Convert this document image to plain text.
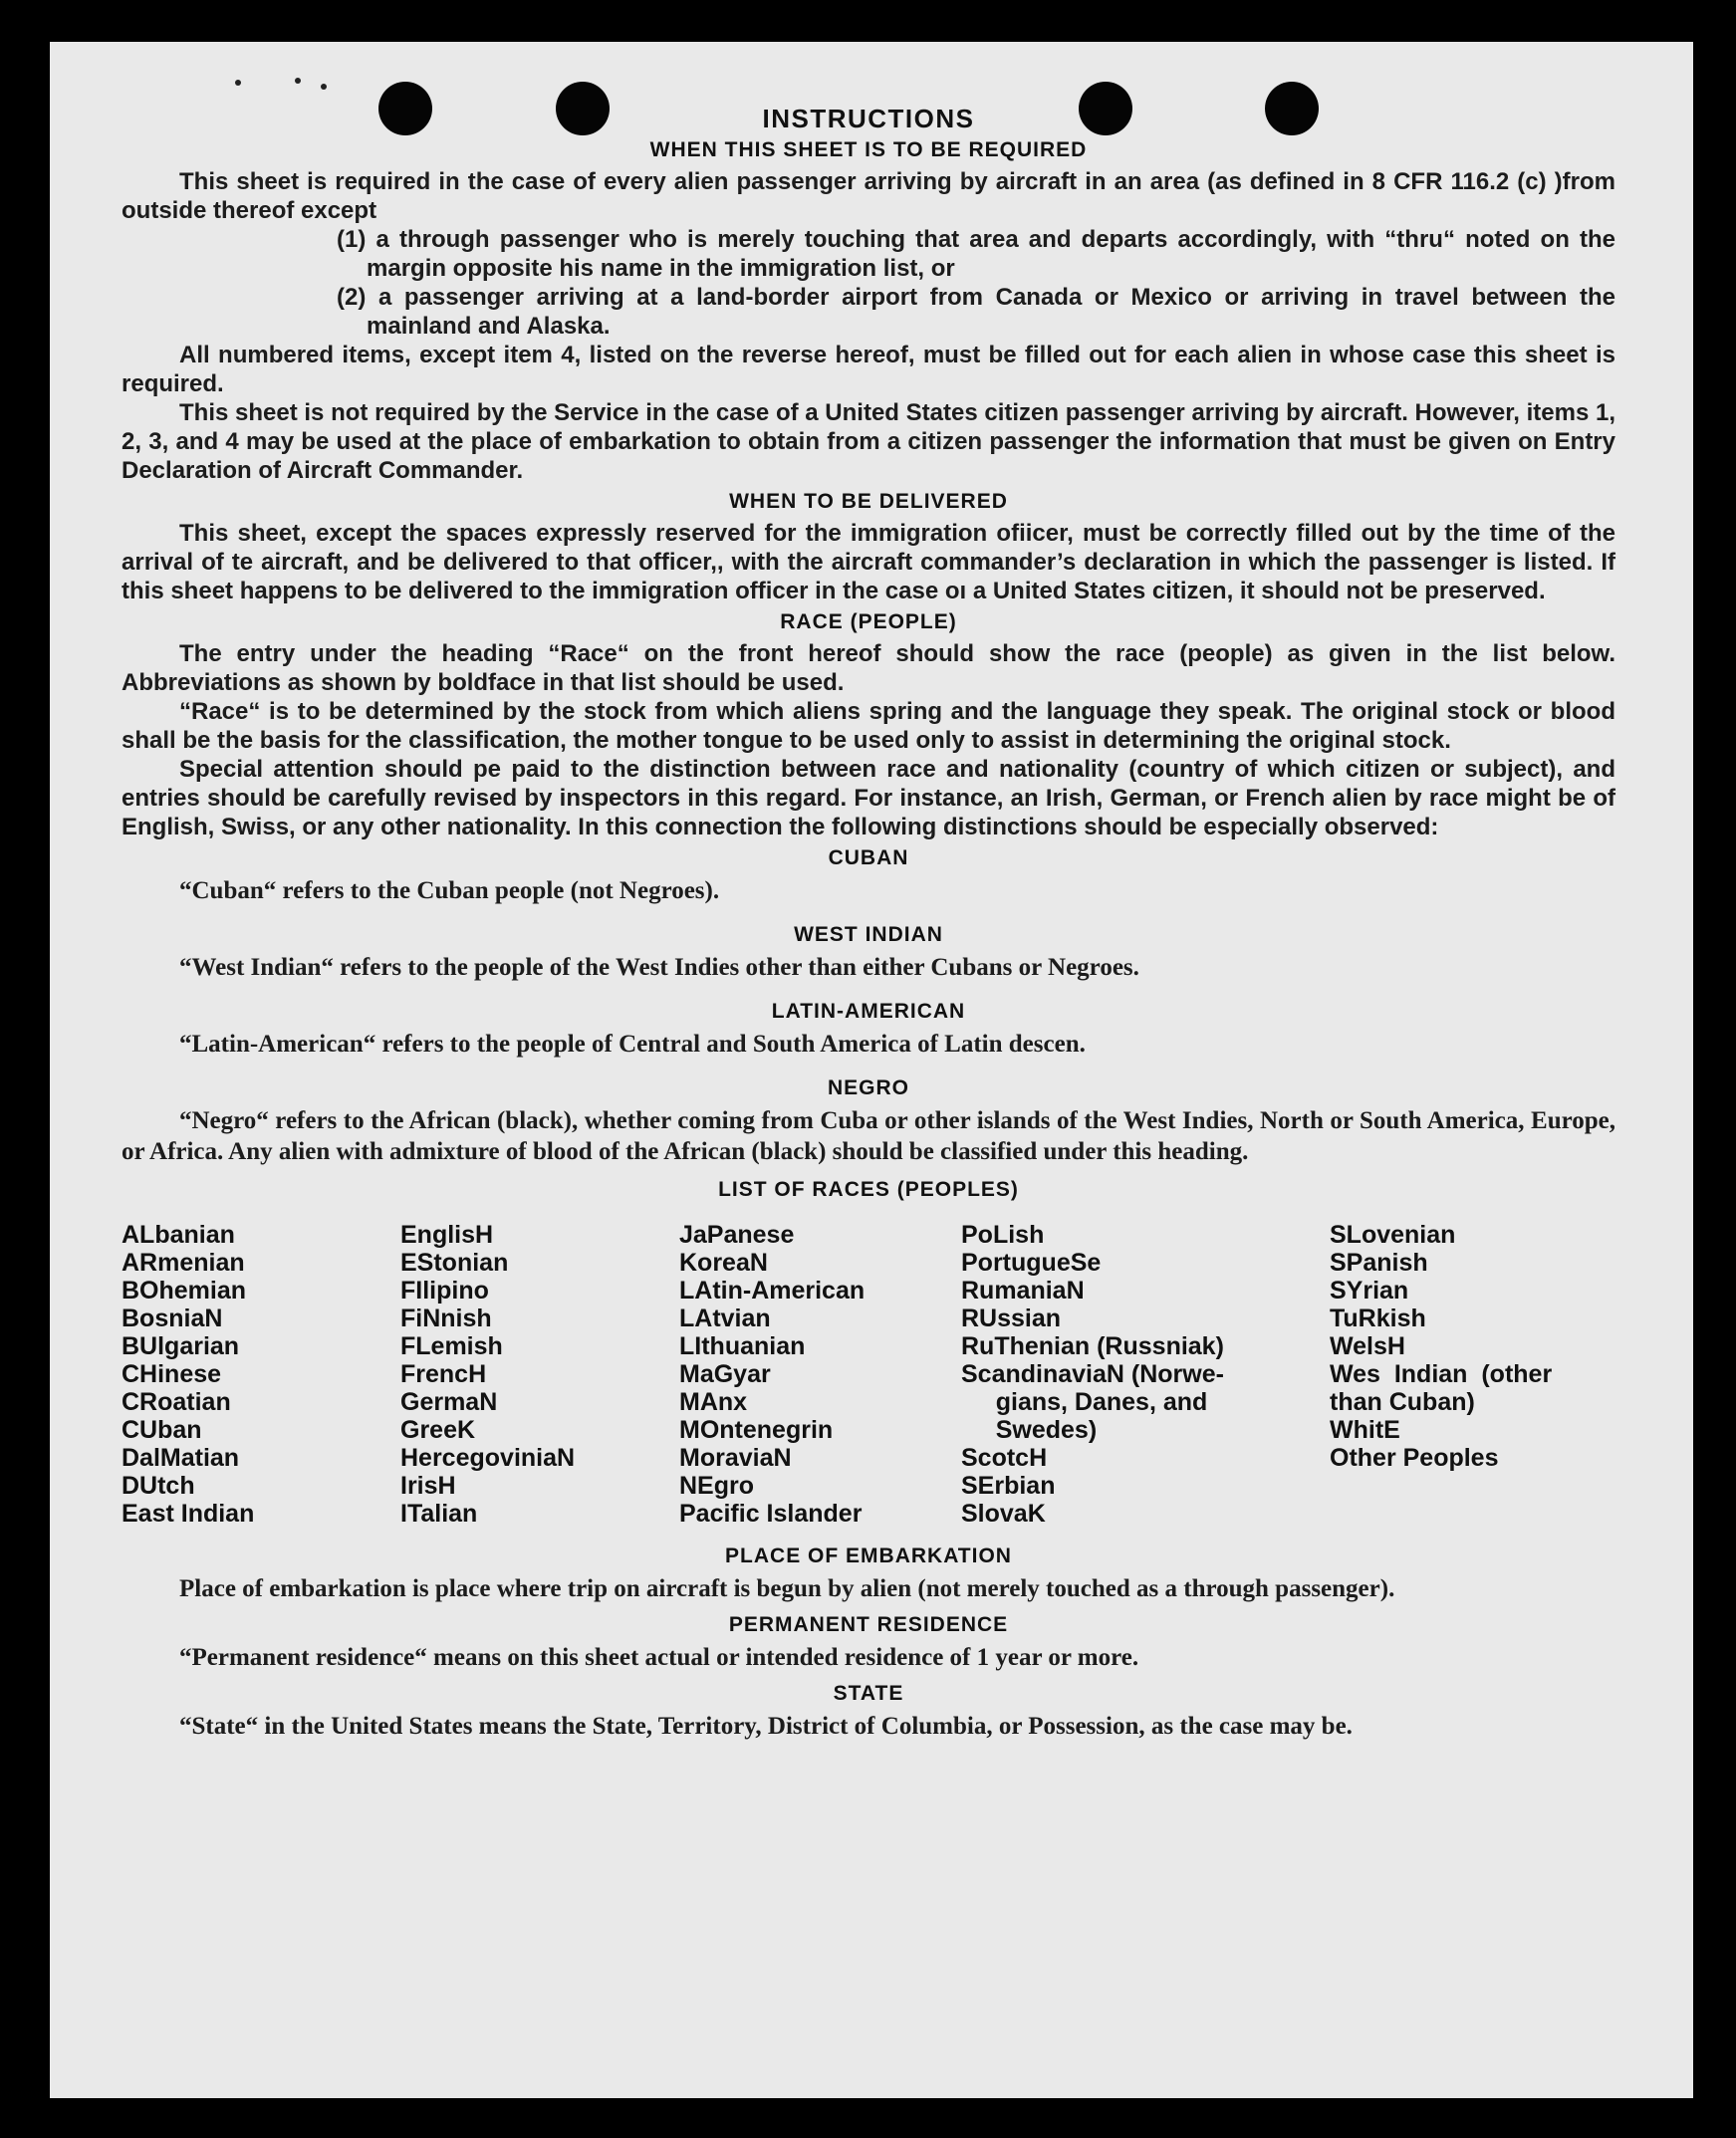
INSTRUCTIONS
WHEN THIS SHEET IS TO BE REQUIRED

This sheet is required in the case of every alien passenger arriving by aircraft in an area (as defined in 8 CFR 116.2 (c) )from outside thereof except

(1) a through passenger who is merely touching that area and departs accordingly, with “thru“ noted on the margin opposite his name in the immigration list, or

(2) a passenger arriving at a land-border airport from Canada or Mexico or arriving in travel between the mainland and Alaska.

All numbered items, except item 4, listed on the reverse hereof, must be filled out for each alien in whose case this sheet is required.

This sheet is not required by the Service in the case of a United States citizen passenger arriving by aircraft. However, items 1, 2, 3, and 4 may be used at the place of embarkation to obtain from a citizen passenger the information that must be given on Entry Declaration of Aircraft Commander.

WHEN TO BE DELIVERED

This sheet, except the spaces expressly reserved for the immigration ofiicer, must be correctly filled out by the time of the arrival of te aircraft, and be delivered to that officer,, with the aircraft commander’s declaration in which the passenger is listed. If this sheet happens to be delivered to the immigration officer in the case oı a United States citizen, it should not be preserved.

RACE (PEOPLE)

The entry under the heading “Race“ on the front hereof should show the race (people) as given in the list below. Abbreviations as shown by boldface in that list should be used.

“Race“ is to be determined by the stock from which aliens spring and the language they speak. The original stock or blood shall be the basis for the classification, the mother tongue to be used only to assist in determining the original stock.

Special attention should pe paid to the distinction between race and nationality (country of which citizen or subject), and entries should be carefully revised by inspectors in this regard. For instance, an Irish, German, or French alien by race might be of English, Swiss, or any other nationality. In this connection the following distinctions should be especially observed:

CUBAN

“Cuban“ refers to the Cuban people (not Negroes).

WEST INDIAN

“West Indian“ refers to the people of the West Indies other than either Cubans or Negroes.

LATIN-AMERICAN

“Latin-American“ refers to the people of Central and South America of Latin descen.

NEGRO

“Negro“ refers to the African (black), whether coming from Cuba or other islands of the West Indies, North or South America, Europe, or Africa. Any alien with admixture of blood of the African (black) should be classified under this heading.

LIST OF RACES (PEOPLES)
ALbanian
ARmenian
BOhemian
BosniaN
BUlgarian
CHinese
CRoatian
CUban
DalMatian
DUtch
East Indian
EnglisH
EStonian
FIlipino
FiNnish
FLemish
FrencH
GermaN
GreeK
HercegoviniaN
IrisH
ITalian
JaPanese
KoreaN
LAtin-American
LAtvian
LIthuanian
MaGyar
MAnx
MOntenegrin
MoraviaN
NEgro
Pacific Islander
PoLish
PortugueSe
RumaniaN
RUssian
RuThenian (Russniak)
ScandinaviaN (Norwe-
gians, Danes, and
Swedes)
ScotcH
SErbian
SlovaK
SLovenian
SPanish
SYrian
TuRkish
WelsH
Wes  Indian  (other
than Cuban)
WhitE
Other Peoples
PLACE OF EMBARKATION

Place of embarkation is place where trip on aircraft is begun by alien (not merely touched as a through passenger).

PERMANENT RESIDENCE

“Permanent residence“ means on this sheet actual or intended residence of 1 year or more.

STATE

“State“ in the United States means the State, Territory, District of Columbia, or Possession, as the case may be.
